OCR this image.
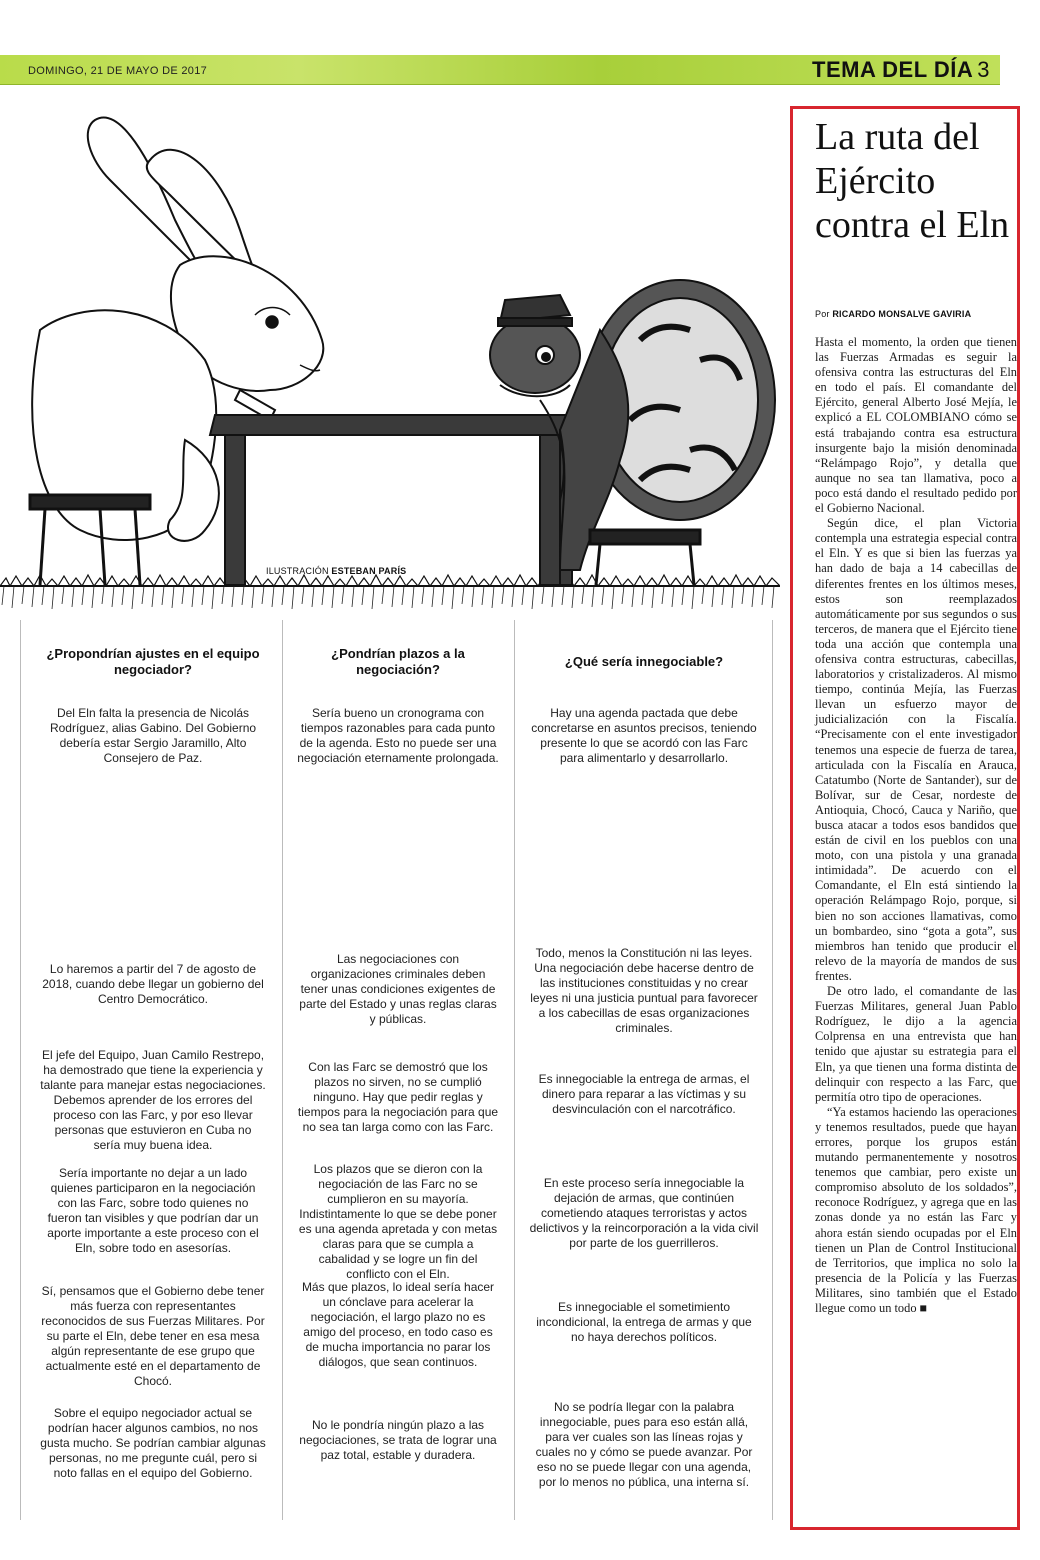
DOMINGO, 21 DE MAYO DE 2017	TEMA DEL DÍA 3
ILUSTRACIÓN ESTEBAN PARÍS
¿Propondrían ajustes en el equipo negociador?
Del Eln falta la presencia de Nicolás Rodríguez, alias Gabino. Del Gobierno debería estar Sergio Jaramillo, Alto Consejero de Paz.
Lo haremos a partir del 7 de agosto de 2018, cuando debe llegar un gobierno del Centro Democrático.
El jefe del Equipo, Juan Camilo Restrepo, ha demostrado que tiene la experiencia y talante para manejar estas negociaciones. Debemos aprender de los errores del proceso con las Farc, y por eso llevar personas que estuvieron en Cuba no sería muy buena idea.
Sería importante no dejar a un lado quienes participaron en la negociación con las Farc, sobre todo quienes no fueron tan visibles y que podrían dar un aporte importante a este proceso con el Eln, sobre todo en asesorías.
Sí, pensamos que el Gobierno debe tener más fuerza con representantes reconocidos de sus Fuerzas Militares. Por su parte el Eln, debe tener en esa mesa algún representante de ese grupo que actualmente esté en el departamento de Chocó.
Sobre el equipo negociador actual se podrían hacer algunos cambios, no nos gusta mucho. Se podrían cambiar algunas personas, no me pregunte cuál, pero si noto fallas en el equipo del Gobierno.
¿Pondrían plazos a la negociación?
Sería bueno un cronograma con tiempos razonables para cada punto de la agenda. Esto no puede ser una negociación eternamente prolongada.
Las negociaciones con organizaciones criminales deben tener unas condiciones exigentes de parte del Estado y unas reglas claras y públicas.
Con las Farc se demostró que los plazos no sirven, no se cumplió ninguno. Hay que pedir reglas y tiempos para la negociación para que no sea tan larga como con las Farc.
Los plazos que se dieron con la negociación de las Farc no se cumplieron en su mayoría. Indistintamente lo que se debe poner es una agenda apretada y con metas claras para que se cumpla a cabalidad y se logre un fin del conflicto con el Eln.
Más que plazos, lo ideal sería hacer un cónclave para acelerar la negociación, el largo plazo no es amigo del proceso, en todo caso es de mucha importancia no parar los diálogos, que sean continuos.
No le pondría ningún plazo a las negociaciones, se trata de lograr una paz total, estable y duradera.
¿Qué sería innegociable?
Hay una agenda pactada que debe concretarse en asuntos precisos, teniendo presente lo que se acordó con las Farc para alimentarlo y desarrollarlo.
Todo, menos la Constitución ni las leyes. Una negociación debe hacerse dentro de las instituciones constituidas y no crear leyes ni una justicia puntual para favorecer a los cabecillas de esas organizaciones criminales.
Es innegociable la entrega de armas, el dinero para reparar a las víctimas y su desvinculación con el narcotráfico.
En este proceso sería innegociable la dejación de armas, que continúen cometiendo ataques terroristas y actos delictivos y la reincorporación a la vida civil por parte de los guerrilleros.
Es innegociable el sometimiento incondicional, la entrega de armas y que no haya derechos políticos.
No se podría llegar con la palabra innegociable, pues para eso están allá, para ver cuales son las líneas rojas y cuales no y cómo se puede avanzar. Por eso no se puede llegar con una agenda, por lo menos no pública, una interna sí.
La ruta del Ejército contra el Eln
Por RICARDO MONSALVE GAVIRIA

Hasta el momento, la orden que tienen las Fuerzas Armadas es seguir la ofensiva contra las estructuras del Eln en todo el país. El comandante del Ejército, general Alberto José Mejía, le explicó a EL COLOMBIANO cómo se está trabajando contra esa estructura insurgente bajo la misión denominada “Relámpago Rojo”, y detalla que aunque no sea tan llamativa, poco a poco está dando el resultado pedido por el Gobierno Nacional.

Según dice, el plan Victoria contempla una estrategia especial contra el Eln. Y es que si bien las fuerzas ya han dado de baja a 14 cabecillas de diferentes frentes en los últimos meses, estos son reemplazados automáticamente por sus segundos o sus terceros, de manera que el Ejército tiene toda una acción que contempla una ofensiva contra estructuras, cabecillas, laboratorios y cristalizaderos. Al mismo tiempo, continúa Mejía, las Fuerzas llevan un esfuerzo mayor de judicialización con la Fiscalía. “Precisamente con el ente investigador tenemos una especie de fuerza de tarea, articulada con la Fiscalía en Arauca, Catatumbo (Norte de Santander), sur de Bolívar, sur de Cesar, nordeste de Antioquia, Chocó, Cauca y Nariño, que busca atacar a todos esos bandidos que están de civil en los pueblos con una moto, con una pistola y una granada intimidada”. De acuerdo con el Comandante, el Eln está sintiendo la operación Relámpago Rojo, porque, si bien no son acciones llamativas, como un bombardeo, sino “gota a gota”, sus miembros han tenido que producir el relevo de la mayoría de mandos de sus frentes.

De otro lado, el comandante de las Fuerzas Militares, general Juan Pablo Rodríguez, le dijo a la agencia Colprensa en una entrevista que han tenido que ajustar su estrategia para el Eln, ya que tienen una forma distinta de delinquir con respecto a las Farc, que permitía otro tipo de operaciones.

“Ya estamos haciendo las operaciones y tenemos resultados, puede que hayan errores, porque los grupos están mutando permanentemente y nosotros tenemos que cambiar, pero existe un compromiso absoluto de los soldados”, reconoce Rodríguez, y agrega que en las zonas donde ya no están las Farc y ahora están siendo ocupadas por el Eln tienen un Plan de Control Institucional de Territorios, que implica no solo la presencia de la Policía y las Fuerzas Militares, sino también que el Estado llegue como un todo ■
